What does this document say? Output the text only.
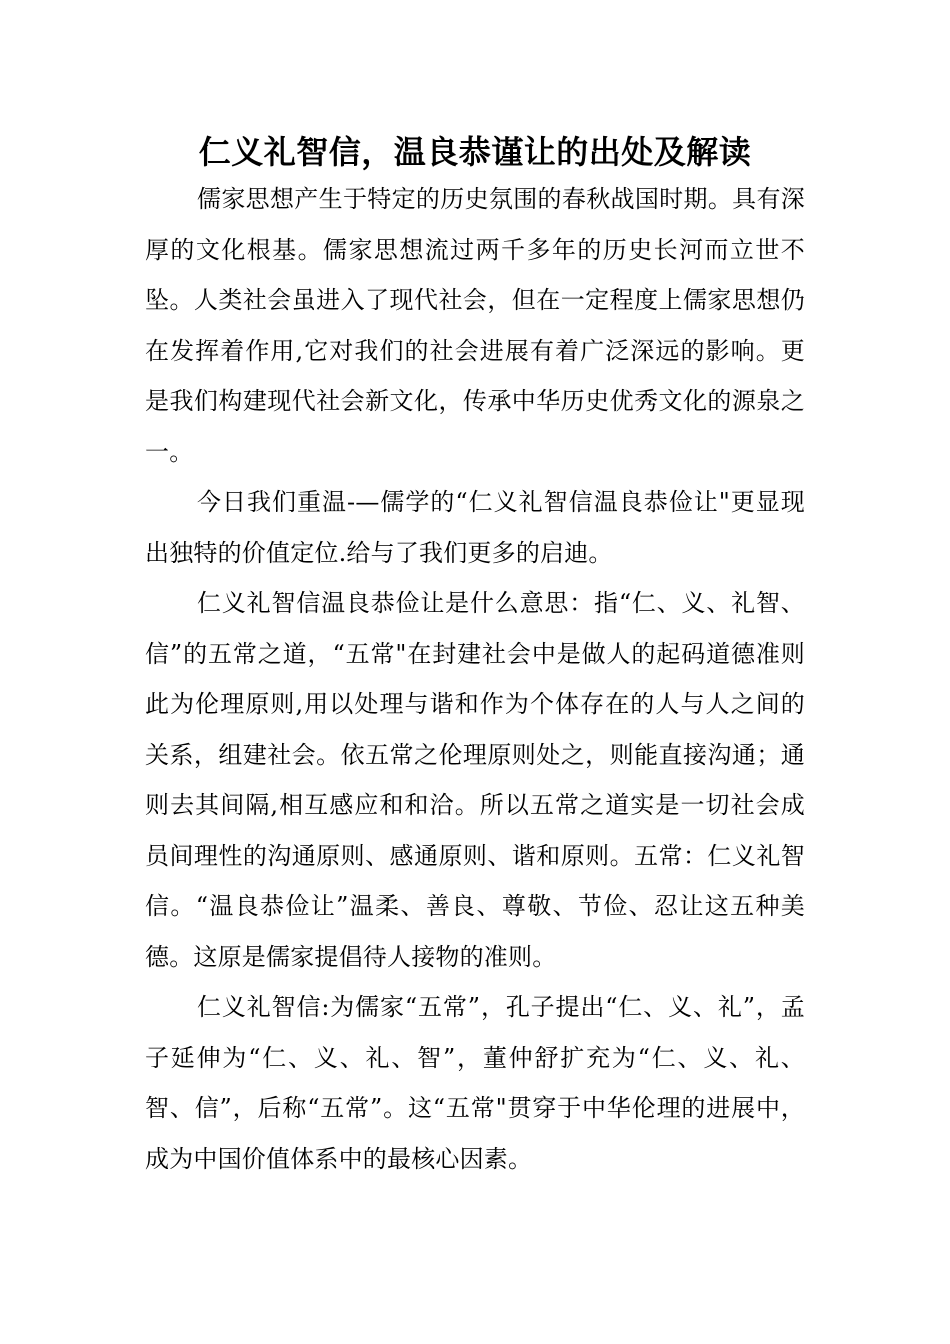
仁义礼智信，温良恭谨让的出处及解读

儒家思想产生于特定的历史氛围的春秋战国时期。具有深厚的文化根基。儒家思想流过两千多年的历史长河而立世不坠。人类社会虽进入了现代社会，但在一定程度上儒家思想仍在发挥着作用,它对我们的社会进展有着广泛深远的影响。更是我们构建现代社会新文化，传承中华历史优秀文化的源泉之一。

今日我们重温-—儒学的“仁义礼智信温良恭俭让"更显现出独特的价值定位.给与了我们更多的启迪。

仁义礼智信温良恭俭让是什么意思：指“仁、义、礼智、信”的五常之道，“五常"在封建社会中是做人的起码道德准则此为伦理原则,用以处理与谐和作为个体存在的人与人之间的关系，组建社会。依五常之伦理原则处之，则能直接沟通；通则去其间隔,相互感应和和洽。所以五常之道实是一切社会成员间理性的沟通原则、感通原则、谐和原则。五常：仁义礼智信。“温良恭俭让”温柔、善良、尊敬、节俭、忍让这五种美德。这原是儒家提倡待人接物的准则。

仁义礼智信:为儒家“五常”，孔子提出“仁、义、礼”，孟子延伸为“仁、义、礼、智”，董仲舒扩充为“仁、义、礼、智、信”，后称“五常”。这“五常"贯穿于中华伦理的进展中，成为中国价值体系中的最核心因素。
